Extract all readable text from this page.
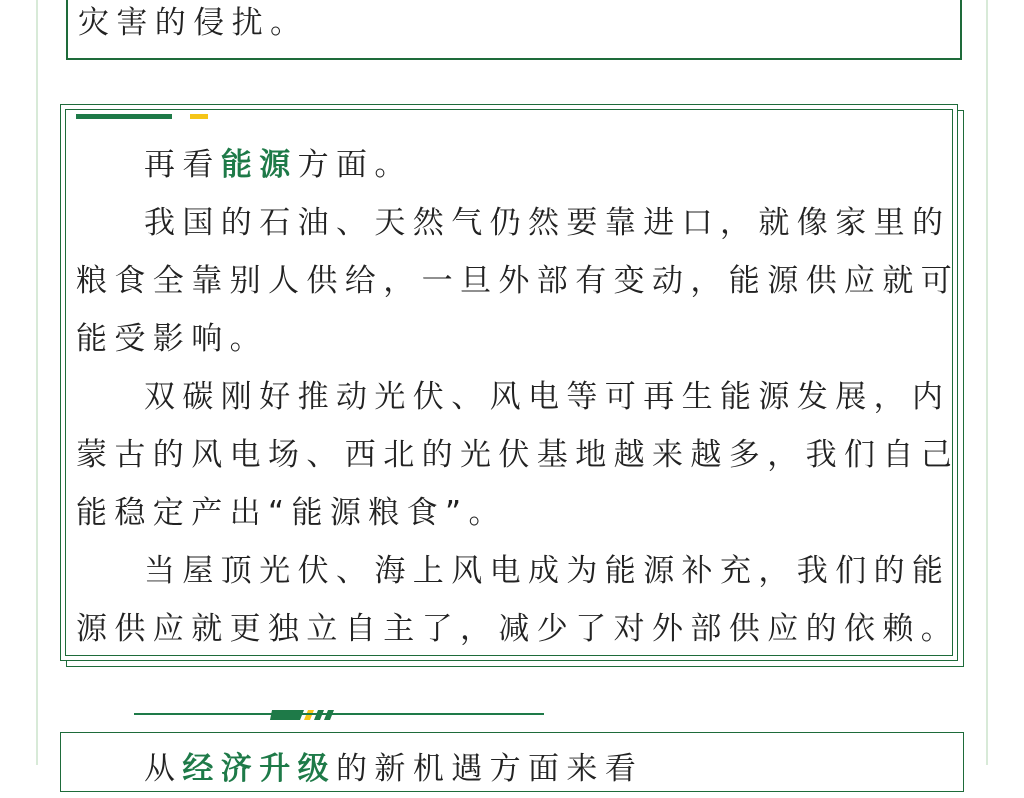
灾害的侵扰。

再看能源方面。

我国的石油、天然气仍然要靠进口，就像家里的

粮食全靠别人供给，一旦外部有变动，能源供应就可

能受影响。

双碳刚好推动光伏、风电等可再生能源发展，内

蒙古的风电场、西北的光伏基地越来越多，我们自己

能稳定产出“能源粮食”。

当屋顶光伏、海上风电成为能源补充，我们的能

源供应就更独立自主了，减少了对外部供应的依赖。

从经济升级的新机遇方面来看
